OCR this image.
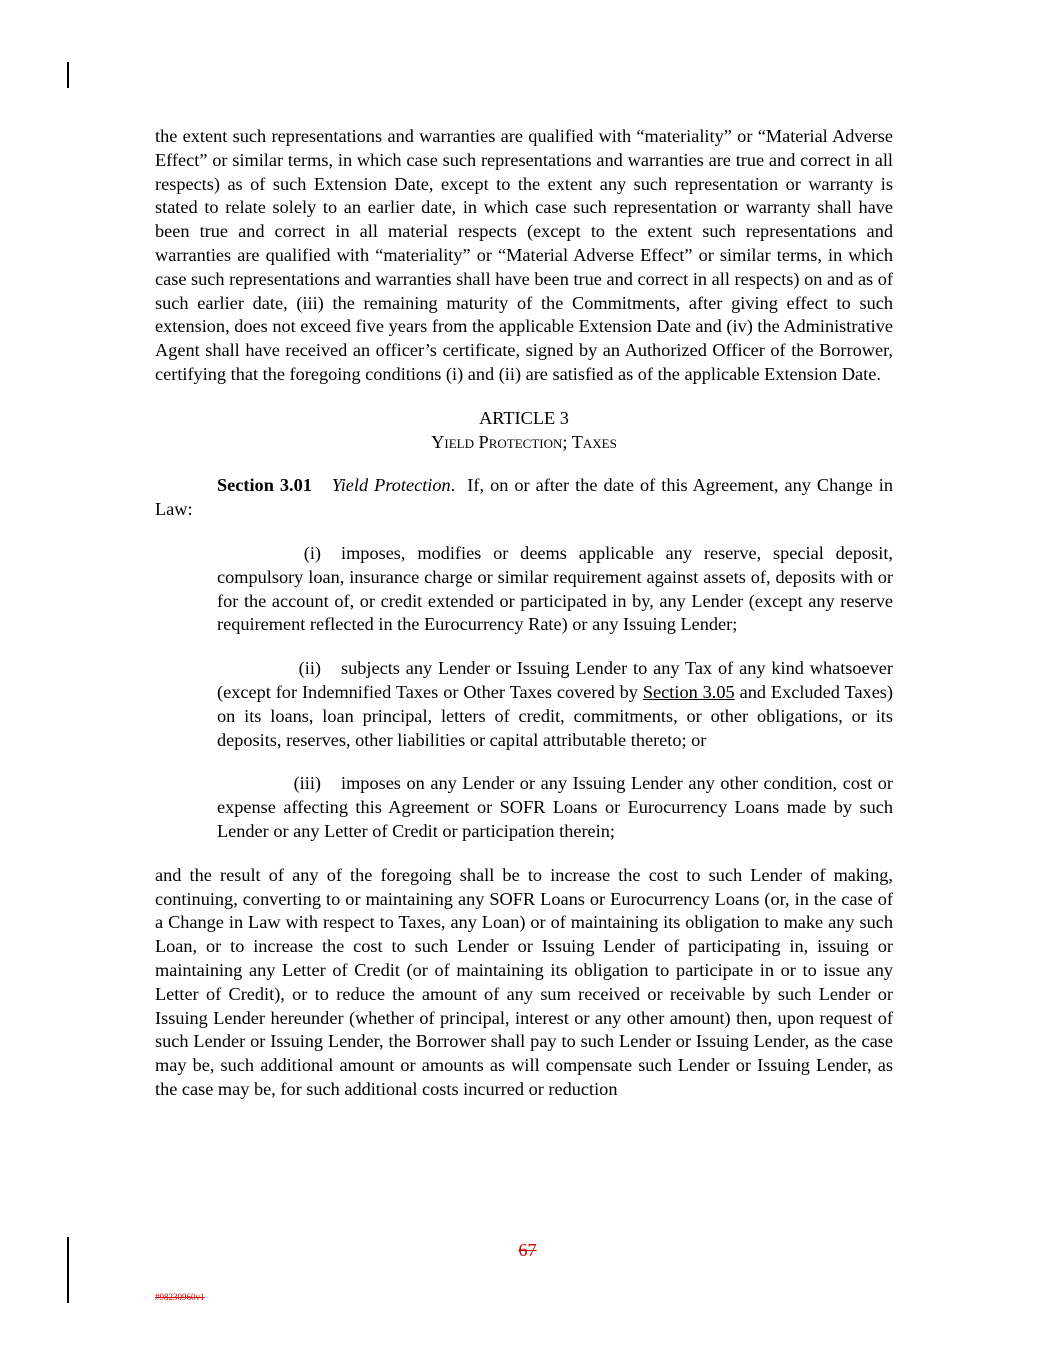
the extent such representations and warranties are qualified with “materiality” or “Material Adverse Effect” or similar terms, in which case such representations and warranties are true and correct in all respects) as of such Extension Date, except to the extent any such representation or warranty is stated to relate solely to an earlier date, in which case such representation or warranty shall have been true and correct in all material respects (except to the extent such representations and warranties are qualified with “materiality” or “Material Adverse Effect” or similar terms, in which case such representations and warranties shall have been true and correct in all respects) on and as of such earlier date, (iii) the remaining maturity of the Commitments, after giving effect to such extension, does not exceed five years from the applicable Extension Date and (iv) the Administrative Agent shall have received an officer’s certificate, signed by an Authorized Officer of the Borrower, certifying that the foregoing conditions (i) and (ii) are satisfied as of the applicable Extension Date.

ARTICLE 3

Yield Protection; Taxes

Section 3.01 Yield Protection. If, on or after the date of this Agreement, any Change in Law:

(i) imposes, modifies or deems applicable any reserve, special deposit, compulsory loan, insurance charge or similar requirement against assets of, deposits with or for the account of, or credit extended or participated in by, any Lender (except any reserve requirement reflected in the Eurocurrency Rate) or any Issuing Lender;

(ii) subjects any Lender or Issuing Lender to any Tax of any kind whatsoever (except for Indemnified Taxes or Other Taxes covered by Section 3.05 and Excluded Taxes) on its loans, loan principal, letters of credit, commitments, or other obligations, or its deposits, reserves, other liabilities or capital attributable thereto; or

(iii) imposes on any Lender or any Issuing Lender any other condition, cost or expense affecting this Agreement or SOFR Loans or Eurocurrency Loans made by such Lender or any Letter of Credit or participation therein;

and the result of any of the foregoing shall be to increase the cost to such Lender of making, continuing, converting to or maintaining any SOFR Loans or Eurocurrency Loans (or, in the case of a Change in Law with respect to Taxes, any Loan) or of maintaining its obligation to make any such Loan, or to increase the cost to such Lender or Issuing Lender of participating in, issuing or maintaining any Letter of Credit (or of maintaining its obligation to participate in or to issue any Letter of Credit), or to reduce the amount of any sum received or receivable by such Lender or Issuing Lender hereunder (whether of principal, interest or any other amount) then, upon request of such Lender or Issuing Lender, the Borrower shall pay to such Lender or Issuing Lender, as the case may be, such additional amount or amounts as will compensate such Lender or Issuing Lender, as the case may be, for such additional costs incurred or reduction

67
#98230960v1
